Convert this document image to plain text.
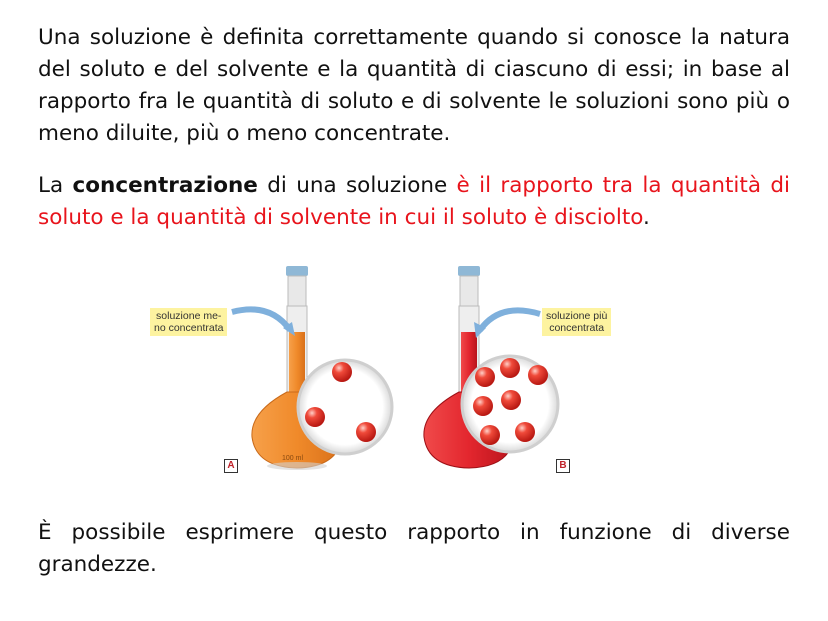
Una soluzione è definita correttamente quando si conosce la natura del soluto e del solvente e la quantità di ciascuno di essi; in base al rapporto fra le quantità di soluto e di solvente le soluzioni sono più o meno diluite, più o meno concentrate.
La concentrazione di una soluzione è il rapporto tra la quantità di soluto e la quantità di solvente in cui il soluto è disciolto.
100 ml
soluzione me-
no concentrata
soluzione più
concentrata
A	B
È possibile esprimere questo rapporto in funzione di diverse grandezze.
